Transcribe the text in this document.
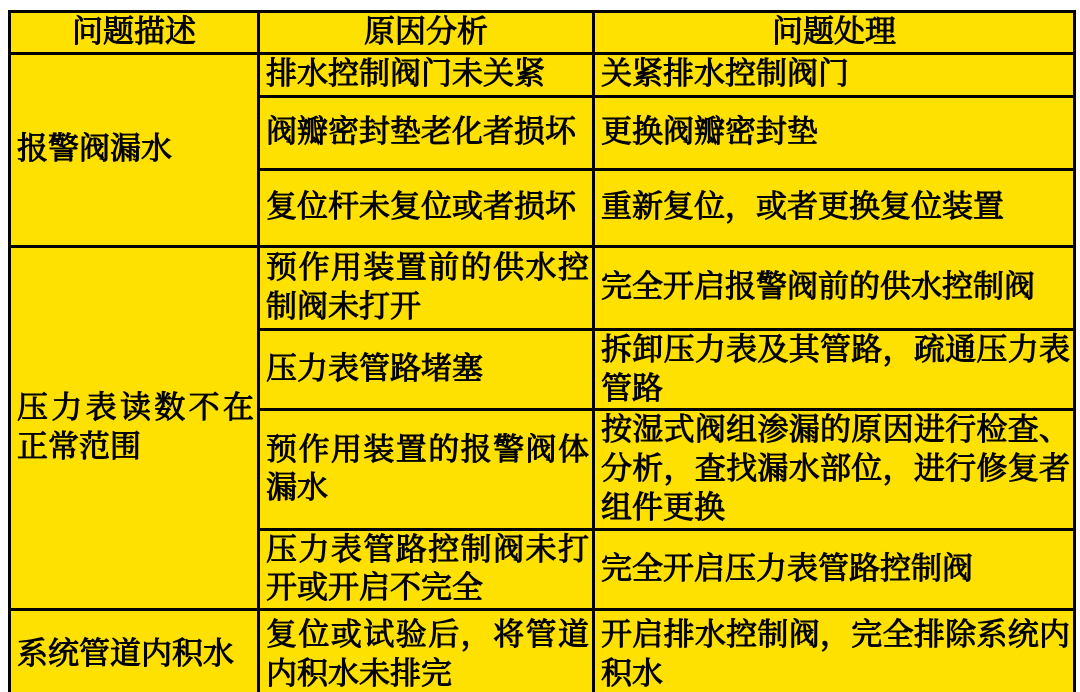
问题描述	原因分析	问题处理
报警阀漏水	排水控制阀门未关紧	关紧排水控制阀门
	阀瓣密封垫老化者损坏	更换阀瓣密封垫
	复位杆未复位或者损坏	重新复位，或者更换复位装置
压力表读数不在正常范围	预作用装置前的供水控制阀未打开	完全开启报警阀前的供水控制阀
	压力表管路堵塞	拆卸压力表及其管路，疏通压力表管路
	预作用装置的报警阀体漏水	按湿式阀组渗漏的原因进行检查、分析，查找漏水部位，进行修复者组件更换
	压力表管路控制阀未打开或开启不完全	完全开启压力表管路控制阀
系统管道内积水	复位或试验后，将管道内积水未排完	开启排水控制阀，完全排除系统内积水
